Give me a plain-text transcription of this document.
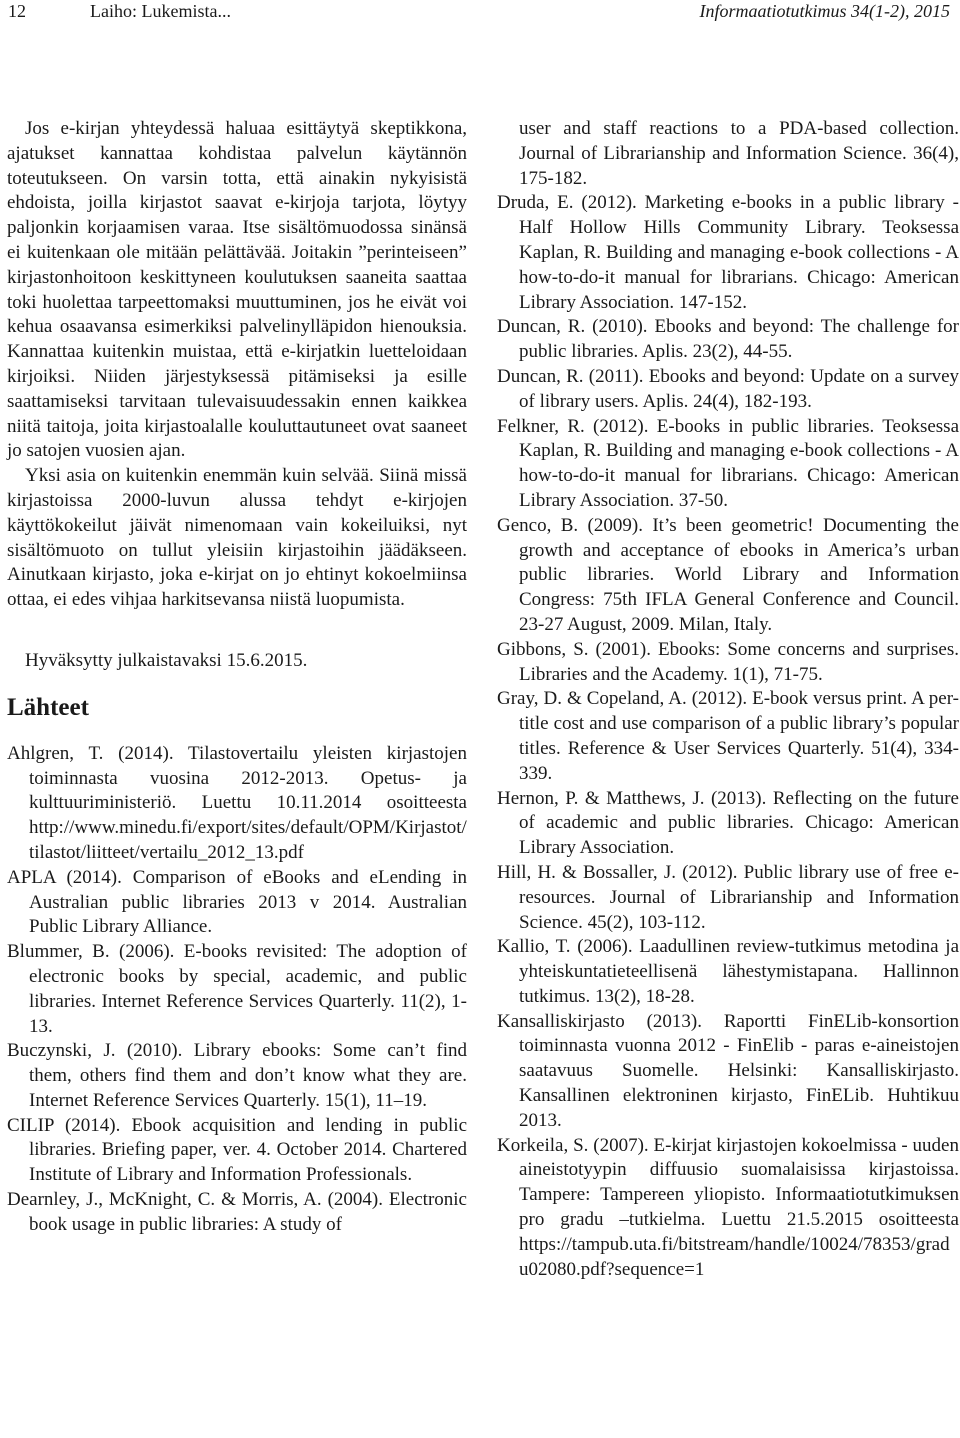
12	Laiho: Lukemista...	Informaatiotutkimus 34(1-2), 2015

Jos e-kirjan yhteydessä haluaa esittäytyä skeptikkona, ajatukset kannattaa kohdistaa palvelun käytännön toteutukseen. On varsin totta, että ainakin nykyisistä ehdoista, joilla kirjastot saavat e-kirjoja tarjota, löytyy paljonkin korjaamisen varaa. Itse sisältömuodossa sinänsä ei kuitenkaan ole mitään pelättävää. Joitakin ”perinteiseen” kirjastonhoitoon keskittyneen koulutuksen saaneita saattaa toki huolettaa tarpeettomaksi muuttuminen, jos he eivät voi kehua osaavansa esimerkiksi palvelinylläpidon hienouksia. Kannattaa kuitenkin muistaa, että e-kirjatkin luetteloidaan kirjoiksi. Niiden järjestyksessä pitämiseksi ja esille saattamiseksi tarvitaan tulevaisuudessakin ennen kaikkea niitä taitoja, joita kirjastoalalle kouluttautuneet ovat saaneet jo satojen vuosien ajan.

Yksi asia on kuitenkin enemmän kuin selvää. Siinä missä kirjastoissa 2000-luvun alussa tehdyt e-kirjojen käyttökokeilut jäivät nimenomaan vain kokeiluiksi, nyt sisältömuoto on tullut yleisiin kirjastoihin jäädäkseen. Ainutkaan kirjasto, joka e-kirjat on jo ehtinyt kokoelmiinsa ottaa, ei edes vihjaa harkitsevansa niistä luopumista.

Hyväksytty julkaistavaksi 15.6.2015.
Lähteet
Ahlgren, T. (2014). Tilastovertailu yleisten kirjastojen toiminnasta vuosina 2012-2013. Opetus- ja kulttuuriministeriö. Luettu 10.11.2014 osoitteesta http://www.minedu.fi/export/sites/default/OPM/Kirjastot/tilastot/liitteet/vertailu_2012_13.pdf
APLA (2014). Comparison of eBooks and eLending in Australian public libraries 2013 v 2014. Australian Public Library Alliance.
Blummer, B. (2006). E-books revisited: The adoption of electronic books by special, academic, and public libraries. Internet Reference Services Quarterly. 11(2), 1-13.
Buczynski, J. (2010). Library ebooks: Some can’t find them, others find them and don’t know what they are. Internet Reference Services Quarterly. 15(1), 11–19.
CILIP (2014). Ebook acquisition and lending in public libraries. Briefing paper, ver. 4. October 2014. Chartered Institute of Library and Information Professionals.
Dearnley, J., McKnight, C. & Morris, A. (2004). Electronic book usage in public libraries: A study of
user and staff reactions to a PDA-based collection. Journal of Librarianship and Information Science. 36(4), 175-182.
Druda, E. (2012). Marketing e-books in a public library - Half Hollow Hills Community Library. Teoksessa Kaplan, R. Building and managing e-book collections - A how-to-do-it manual for librarians. Chicago: American Library Association. 147-152.
Duncan, R. (2010). Ebooks and beyond: The challenge for public libraries. Aplis. 23(2), 44-55.
Duncan, R. (2011). Ebooks and beyond: Update on a survey of library users. Aplis. 24(4), 182-193.
Felkner, R. (2012). E-books in public libraries. Teoksessa Kaplan, R. Building and managing e-book collections - A how-to-do-it manual for librarians. Chicago: American Library Association. 37-50.
Genco, B. (2009). It’s been geometric! Documenting the growth and acceptance of ebooks in America’s urban public libraries. World Library and Information Congress: 75th IFLA General Conference and Council. 23-27 August, 2009. Milan, Italy.
Gibbons, S. (2001). Ebooks: Some concerns and surprises. Libraries and the Academy. 1(1), 71-75.
Gray, D. & Copeland, A. (2012). E-book versus print. A per-title cost and use comparison of a public library’s popular titles. Reference & User Services Quarterly. 51(4), 334-339.
Hernon, P. & Matthews, J. (2013). Reflecting on the future of academic and public libraries. Chicago: American Library Association.
Hill, H. & Bossaller, J. (2012). Public library use of free e-resources. Journal of Librarianship and Information Science. 45(2), 103-112.
Kallio, T. (2006). Laadullinen review-tutkimus metodina ja yhteiskuntatieteellisenä lähestymistapana. Hallinnon tutkimus. 13(2), 18-28.
Kansalliskirjasto (2013). Raportti FinELib-konsortion toiminnasta vuonna 2012 - FinElib - paras e-aineistojen saatavuus Suomelle. Helsinki: Kansalliskirjasto. Kansallinen elektroninen kirjasto, FinELib. Huhtikuu 2013.
Korkeila, S. (2007). E-kirjat kirjastojen kokoelmissa - uuden aineistotyypin diffuusio suomalaisissa kirjastoissa. Tampere: Tampereen yliopisto. Informaatiotutkimuksen pro gradu –tutkielma. Luettu 21.5.2015 osoitteesta https://tampub.uta.fi/bitstream/handle/10024/78353/gradu02080.pdf?sequence=1
